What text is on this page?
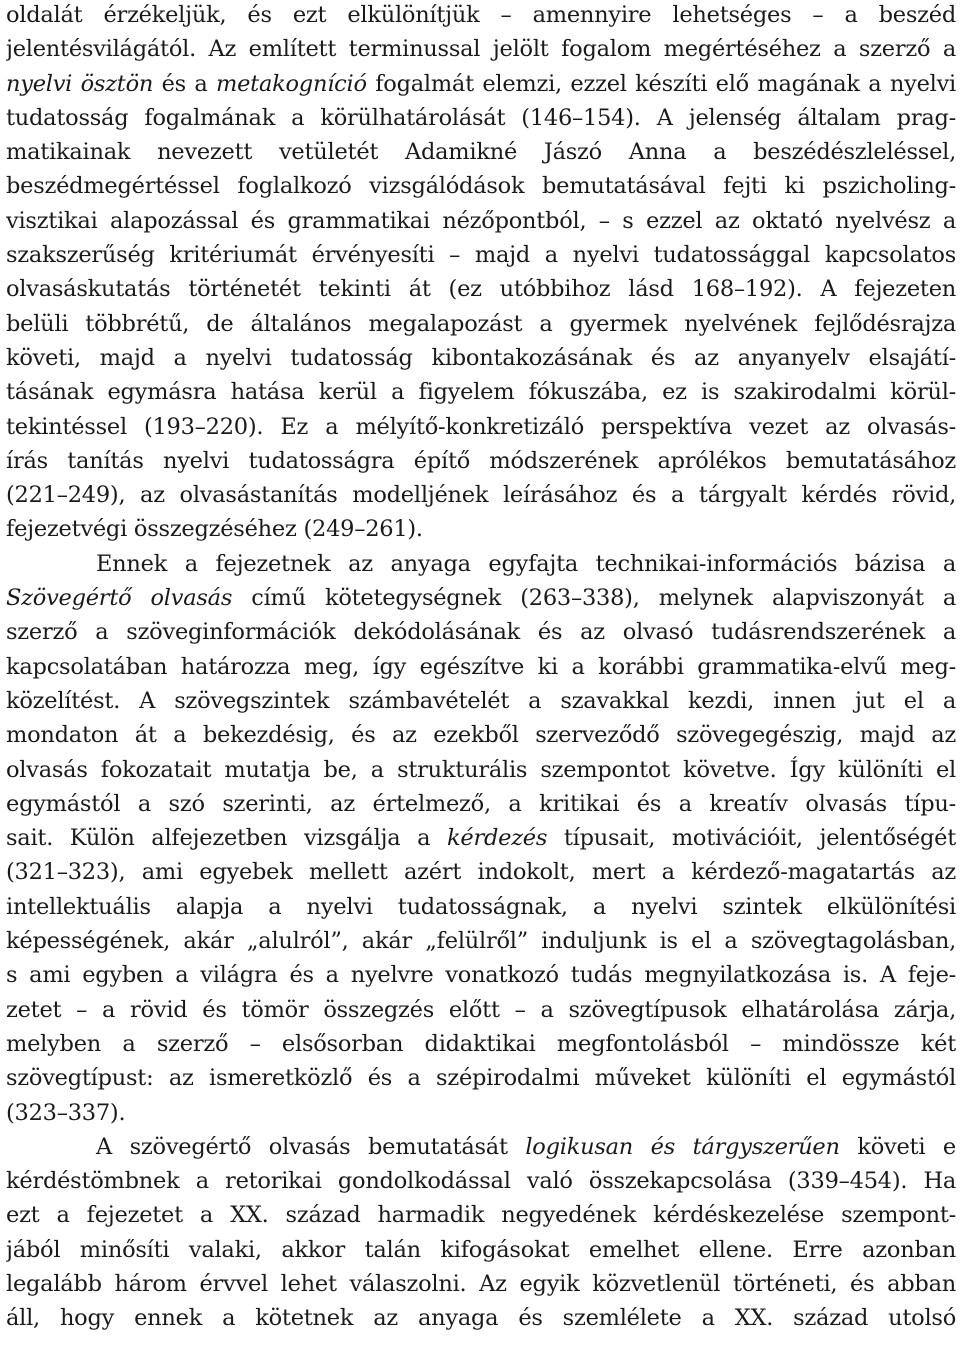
oldalát érzékeljük, és ezt elkülönítjük – amennyire lehetséges – a beszéd
jelentésvilágától. Az említett terminussal jelölt fogalom megértéséhez a szerző a
nyelvi ösztön és a metakogníció fogalmát elemzi, ezzel készíti elő magának a nyelvi
tudatosság fogalmának a körülhatárolását (146–154). A jelenség általam prag-
matikainak nevezett vetületét Adamikné Jászó Anna a beszédészleléssel,
beszédmegértéssel foglalkozó vizsgálódások bemutatásával fejti ki pszicholing-
visztikai alapozással és grammatikai nézőpontból, – s ezzel az oktató nyelvész a
szakszerűség kritériumát érvényesíti – majd a nyelvi tudatossággal kapcsolatos
olvasáskutatás történetét tekinti át (ez utóbbihoz lásd 168–192). A fejezeten
belüli többrétű, de általános megalapozást a gyermek nyelvének fejlődésrajza
követi, majd a nyelvi tudatosság kibontakozásának és az anyanyelv elsajátí-
tásának egymásra hatása kerül a figyelem fókuszába, ez is szakirodalmi körül-
tekintéssel (193–220). Ez a mélyítő-konkretizáló perspektíva vezet az olvasás-
írás tanítás nyelvi tudatosságra építő módszerének aprólékos bemutatásához
(221–249), az olvasástanítás modelljének leírásához és a tárgyalt kérdés rövid,
fejezetvégi összegzéséhez (249–261).
Ennek a fejezetnek az anyaga egyfajta technikai-információs bázisa a
Szövegértő olvasás című kötetegységnek (263–338), melynek alapviszonyát a
szerző a szöveginformációk dekódolásának és az olvasó tudásrendszerének a
kapcsolatában határozza meg, így egészítve ki a korábbi grammatika-elvű meg-
közelítést. A szövegszintek számbavételét a szavakkal kezdi, innen jut el a
mondaton át a bekezdésig, és az ezekből szerveződő szövegegészig, majd az
olvasás fokozatait mutatja be, a strukturális szempontot követve. Így különíti el
egymástól a szó szerinti, az értelmező, a kritikai és a kreatív olvasás típu-
sait. Külön alfejezetben vizsgálja a kérdezés típusait, motivációit, jelentőségét
(321–323), ami egyebek mellett azért indokolt, mert a kérdező-magatartás az
intellektuális alapja a nyelvi tudatosságnak, a nyelvi szintek elkülönítési
képességének, akár „alulról”, akár „felülről” induljunk is el a szövegtagolásban,
s ami egyben a világra és a nyelvre vonatkozó tudás megnyilatkozása is. A feje-
zetet – a rövid és tömör összegzés előtt – a szövegtípusok elhatárolása zárja,
melyben a szerző – elsősorban didaktikai megfontolásból – mindössze két
szövegtípust: az ismeretközlő és a szépirodalmi műveket különíti el egymástól
(323–337).
A szövegértő olvasás bemutatását logikusan és tárgyszerűen követi e
kérdéstömbnek a retorikai gondolkodással való összekapcsolása (339–454). Ha
ezt a fejezetet a XX. század harmadik negyedének kérdéskezelése szempont-
jából minősíti valaki, akkor talán kifogásokat emelhet ellene. Erre azonban
legalább három érvvel lehet válaszolni. Az egyik közvetlenül történeti, és abban
áll, hogy ennek a kötetnek az anyaga és szemlélete a XX. század utolsó
